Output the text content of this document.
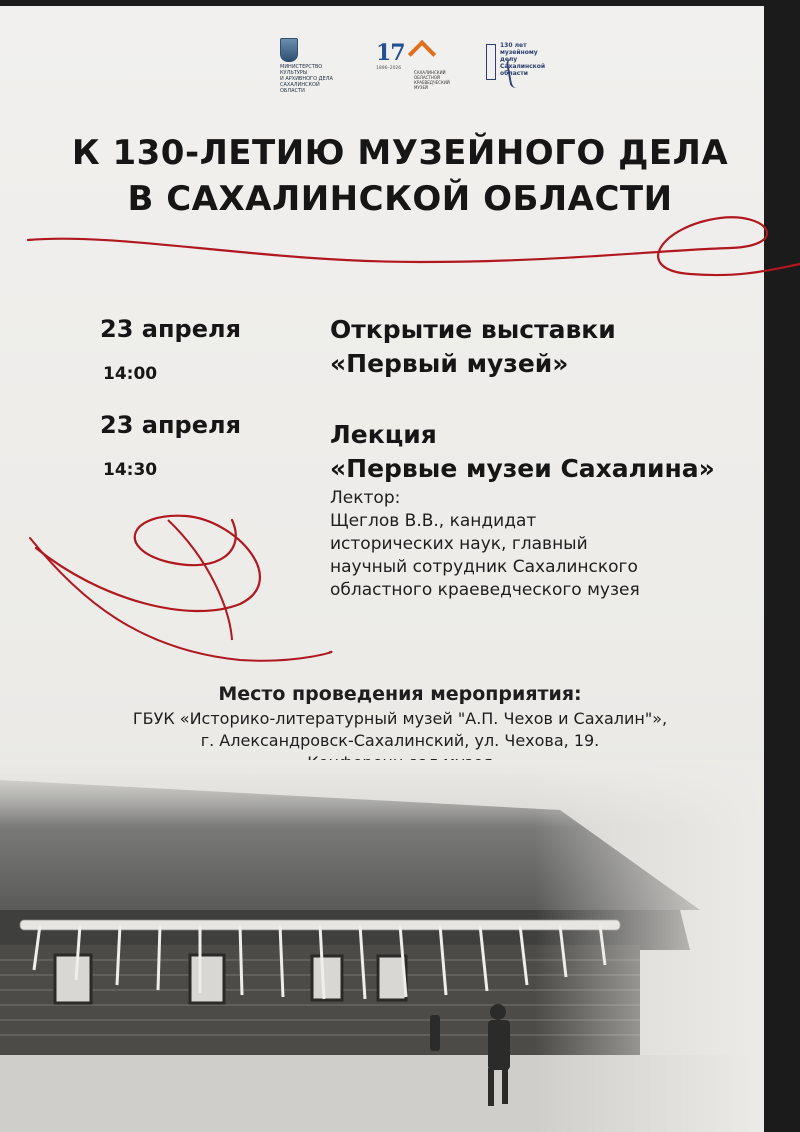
МИНИСТЕРСТВО КУЛЬТУРЫ
И АРХИВНОГО ДЕЛА
САХАЛИНСКОЙ
ОБЛАСТИ
17
1896–2026
САХАЛИНСКИЙ
ОБЛАСТНОЙ
КРАЕВЕДЧЕСКИЙ
МУЗЕЙ
130 лет
музейному делу
Сахалинской
области
К 130-ЛЕТИЮ МУЗЕЙНОГО ДЕЛА
В САХАЛИНСКОЙ ОБЛАСТИ
23 апреля
14:00
Открытие выставки
«Первый музей»
23 апреля
14:30
Лекция
«Первые музеи Сахалина»
Лектор:
Щеглов В.В., кандидат
исторических наук, главный
научный сотрудник Сахалинского
областного краеведческого музея
Место проведения мероприятия:
ГБУК «Историко-литературный музей "А.П. Чехов и Сахалин"»,
г. Александровск-Сахалинский, ул. Чехова, 19.
